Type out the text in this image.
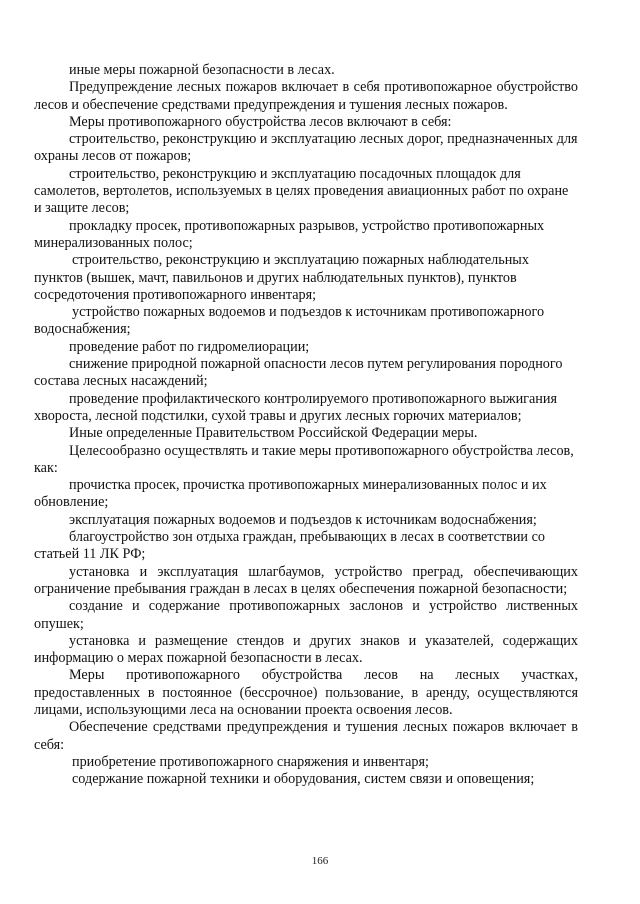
иные меры пожарной безопасности в лесах.

Предупреждение лесных пожаров включает в себя противопожарное обустройство лесов и обеспечение средствами предупреждения и тушения лесных пожаров.

Меры противопожарного обустройства лесов включают в себя:

строительство, реконструкцию и эксплуатацию лесных дорог, предназначенных для охраны лесов от пожаров;

строительство, реконструкцию и эксплуатацию посадочных площадок для самолетов, вертолетов, используемых в целях проведения авиационных работ по охране и защите лесов;

прокладку просек, противопожарных разрывов, устройство противопожарных минерализованных полос;

строительство, реконструкцию и эксплуатацию пожарных наблюдательных пунктов (вышек, мачт, павильонов и других наблюдательных пунктов), пунктов сосредоточения противопожарного инвентаря;

устройство пожарных водоемов и подъездов к источникам противопожарного водоснабжения;

проведение работ по гидромелиорации;

снижение природной пожарной опасности лесов путем регулирования породного состава лесных насаждений;

проведение профилактического контролируемого противопожарного выжигания хвороста, лесной подстилки, сухой травы и других лесных горючих материалов;

Иные определенные Правительством Российской Федерации меры.

Целесообразно осуществлять и такие меры противопожарного обустройства лесов, как:

прочистка просек, прочистка противопожарных минерализованных полос и их обновление;

эксплуатация пожарных водоемов и подъездов к источникам водоснабжения;

благоустройство зон отдыха граждан, пребывающих в лесах в соответствии со статьей 11 ЛК РФ;

установка и эксплуатация шлагбаумов, устройство преград, обеспечивающих ограничение пребывания граждан в лесах в целях обеспечения пожарной безопасности;

создание и содержание противопожарных заслонов и устройство лиственных опушек;

установка и размещение стендов и других знаков и указателей, содержащих информацию о мерах пожарной безопасности в лесах.

Меры противопожарного обустройства лесов на лесных участках, предоставленных в постоянное (бессрочное) пользование, в аренду, осуществляются лицами, использующими леса на основании проекта освоения лесов.

Обеспечение средствами предупреждения и тушения лесных пожаров включает в себя:

приобретение противопожарного снаряжения и инвентаря;

содержание пожарной техники и оборудования, систем связи и оповещения;

166
